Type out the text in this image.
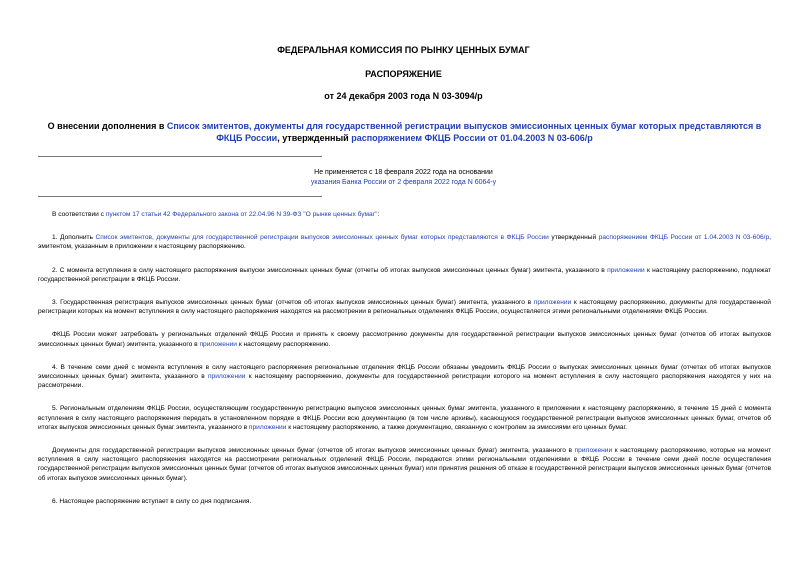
ФЕДЕРАЛЬНАЯ КОМИССИЯ ПО РЫНКУ ЦЕННЫХ БУМАГ
РАСПОРЯЖЕНИЕ
от 24 декабря 2003 года N 03-3094/р
О внесении дополнения в Список эмитентов, документы для государственной регистрации выпусков эмиссионных ценных бумаг которых представляются в ФКЦБ России, утвержденный распоряжением ФКЦБ России от 01.04.2003 N 03-606/р
Не применяется с 18 февраля 2022 года на основании
указания Банка России от 2 февраля 2022 года N 6064-у

В соответствии с пунктом 17 статьи 42 Федерального закона от 22.04.96 N 39-ФЗ "О рынке ценных бумаг":

1. Дополнить Список эмитентов, документы для государственной регистрации выпусков эмиссионных ценных бумаг которых представляются в ФКЦБ России утвержденный распоряжением ФКЦБ России от 1.04.2003 N 03-606/р, эмитентом, указанным в приложении к настоящему распоряжению.

2. С момента вступления в силу настоящего распоряжения выпуски эмиссионных ценных бумаг (отчеты об итогах выпусков эмиссионных ценных бумаг) эмитента, указанного в приложении к настоящему распоряжению, подлежат государственной регистрации в ФКЦБ России.

3. Государственная регистрация выпусков эмиссионных ценных бумаг (отчетов об итогах выпусков эмиссионных ценных бумаг) эмитента, указанного в приложении к настоящему распоряжению, документы для государственной регистрации которых на момент вступления в силу настоящего распоряжения находятся на рассмотрении в региональных отделениях ФКЦБ России, осуществляется этими региональными отделениями ФКЦБ России.

ФКЦБ России может затребовать у региональных отделений ФКЦБ России и принять к своему рассмотрению документы для государственной регистрации выпусков эмиссионных ценных бумаг (отчетов об итогах выпусков эмиссионных ценных бумаг) эмитента, указанного в приложении к настоящему распоряжению.

4. В течение семи дней с момента вступления в силу настоящего распоряжения региональные отделения ФКЦБ России обязаны уведомить ФКЦБ России о выпусках эмиссионных ценных бумаг (отчетах об итогах выпусков эмиссионных ценных бумаг) эмитента, указанного в приложении к настоящему распоряжению, документы для государственной регистрации которого на момент вступления в силу настоящего распоряжения находятся у них на рассмотрении.

5. Региональным отделениям ФКЦБ России, осуществляющим государственную регистрацию выпусков эмиссионных ценных бумаг эмитента, указанного в приложении к настоящему распоряжению, в течение 15 дней с момента вступления в силу настоящего распоряжения передать в установленном порядке в ФКЦБ России всю документацию (в том числе архивы), касающуюся государственной регистрации выпусков эмиссионных ценных бумаг, отчетов об итогах выпусков эмиссионных ценных бумаг эмитента, указанного в приложении к настоящему распоряжению, а также документацию, связанную с контролем за эмиссиями его ценных бумаг.

Документы для государственной регистрации выпусков эмиссионных ценных бумаг (отчетов об итогах выпусков эмиссионных ценных бумаг) эмитента, указанного в приложении к настоящему распоряжению, которые на момент вступления в силу настоящего распоряжения находятся на рассмотрении региональных отделений ФКЦБ России, передаются этими региональными отделениями в ФКЦБ России в течение семи дней после осуществления государственной регистрации выпусков эмиссионных ценных бумаг (отчетов об итогах выпусков эмиссионных ценных бумаг) или принятия решения об отказе в государственной регистрации выпусков эмиссионных ценных бумаг (отчетов об итогах выпусков эмиссионных ценных бумаг).

6. Настоящее распоряжение вступает в силу со дня подписания.
